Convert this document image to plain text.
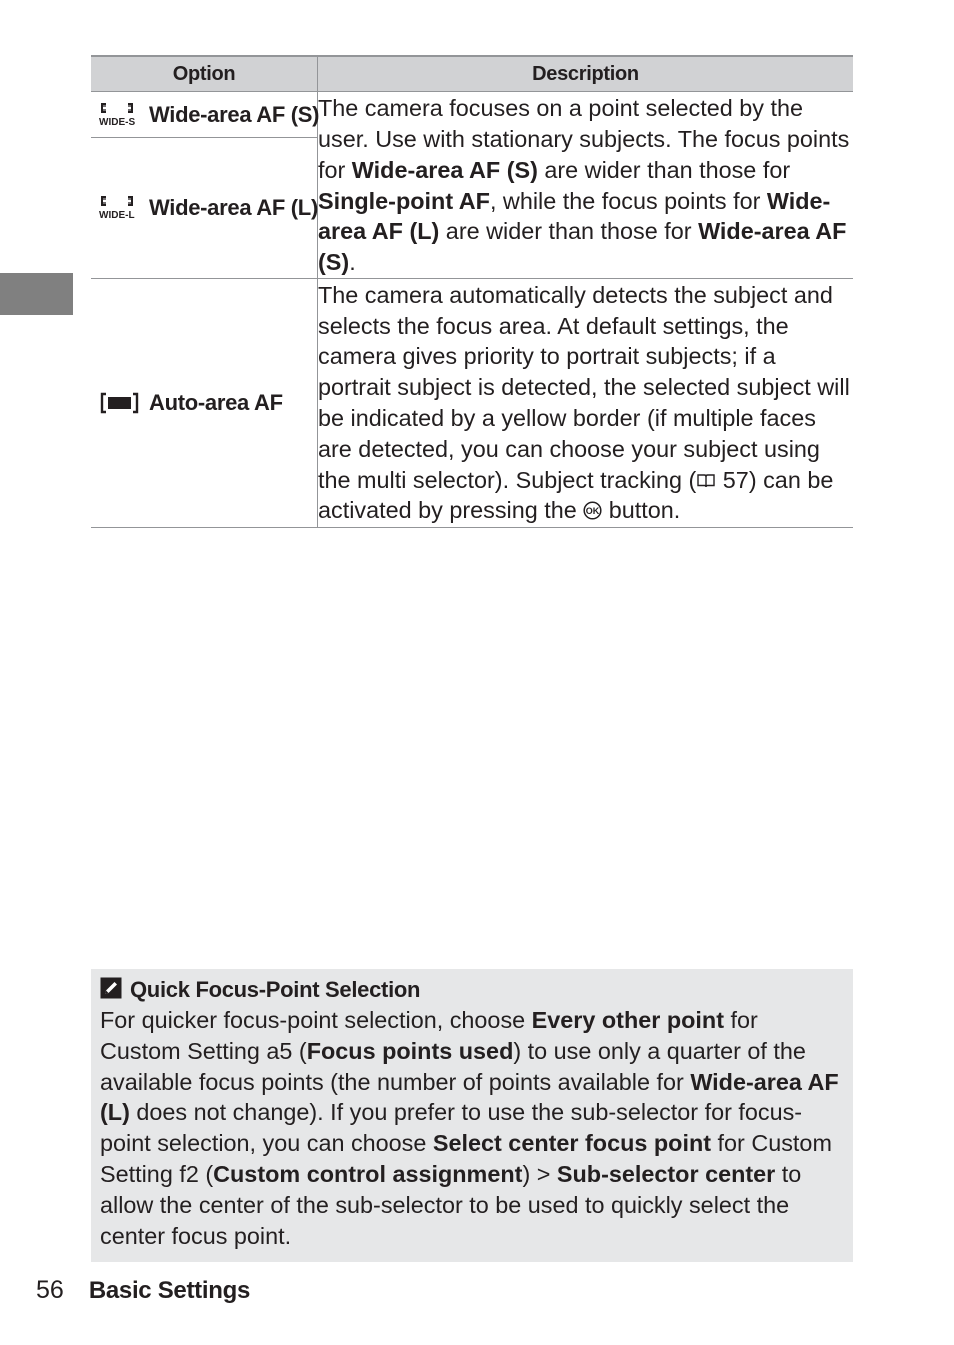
Option	Description

WIDE-S Wide-area AF (S)	The camera focuses on a point selected by the user. Use with stationary subjects. The focus points for Wide-area AF (S) are wider than those for Single-point AF, while the focus points for Wide-area AF (L) are wider than those for Wide-area AF (S).

WIDE-L Wide-area AF (L)	

Auto-area AF	The camera automatically detects the subject and selects the focus area. At default settings, the camera gives priority to portrait subjects; if a portrait subject is detected, the selected subject will be indicated by a yellow border (if multiple faces are detected, you can choose your subject using the multi selector). Subject tracking ( 57) can be activated by pressing the OK button.
Quick Focus-Point Selection
For quicker focus-point selection, choose Every other point for Custom Setting a5 (Focus points used) to use only a quarter of the available focus points (the number of points available for Wide-area AF (L) does not change). If you prefer to use the sub-selector for focus-point selection, you can choose Select center focus point for Custom Setting f2 (Custom control assignment) > Sub-selector center to allow the center of the sub-selector to be used to quickly select the center focus point.
56 Basic Settings
